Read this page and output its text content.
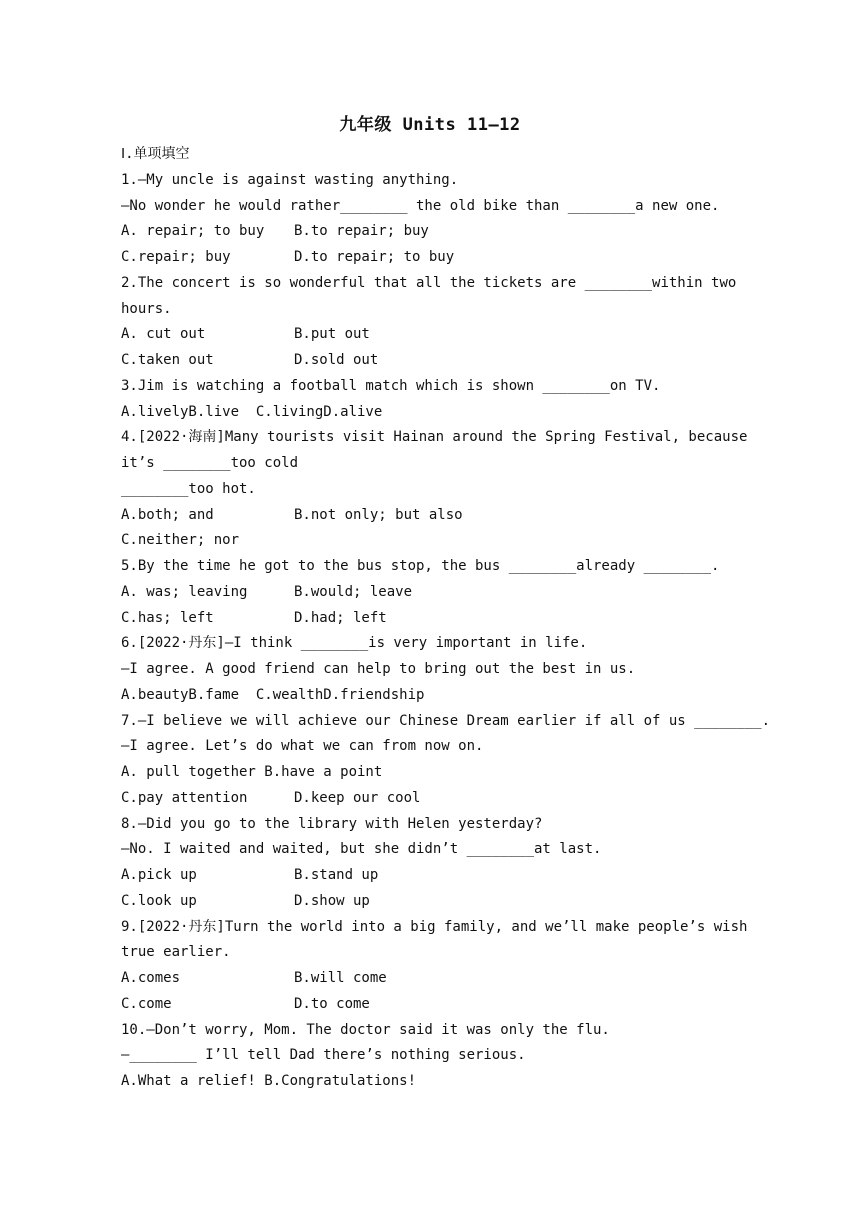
九年级 Units 11—12
Ⅰ.单项填空
1.—My uncle is against wasting anything.
—No wonder he would rather________ the old bike than ________a new one.
A. repair; to buy	B.to repair; buy
C.repair; buy	D.to repair; to buy
2.The concert is so wonderful that all the tickets are ________within two
hours.
A. cut out	B.put out
C.taken out	D.sold out
3.Jim is watching a football match which is shown ________on TV.
A.livelyB.live  C.livingD.alive
4.[2022·海南]Many tourists visit Hainan around the Spring Festival, because
it’s ________too cold
________too hot.
A.both; and	B.not only; but also
C.neither; nor
5.By the time he got to the bus stop, the bus ________already ________.
A. was; leaving	B.would; leave
C.has; left	D.had; left
6.[2022·丹东]—I think ________is very important in life.
—I agree. A good friend can help to bring out the best in us.
A.beautyB.fame  C.wealthD.friendship
7.—I believe we will achieve our Chinese Dream earlier if all of us ________.
—I agree. Let’s do what we can from now on.
A. pull together B.have a point
C.pay attention	D.keep our cool
8.—Did you go to the library with Helen yesterday?
—No. I waited and waited, but she didn’t ________at last.
A.pick up	B.stand up
C.look up	D.show up
9.[2022·丹东]Turn the world into a big family, and we’ll make people’s wish
true earlier.
A.comes	B.will come
C.come	D.to come
10.—Don’t worry, Mom. The doctor said it was only the flu.
—________ I’ll tell Dad there’s nothing serious.
A.What a relief! B.Congratulations!
